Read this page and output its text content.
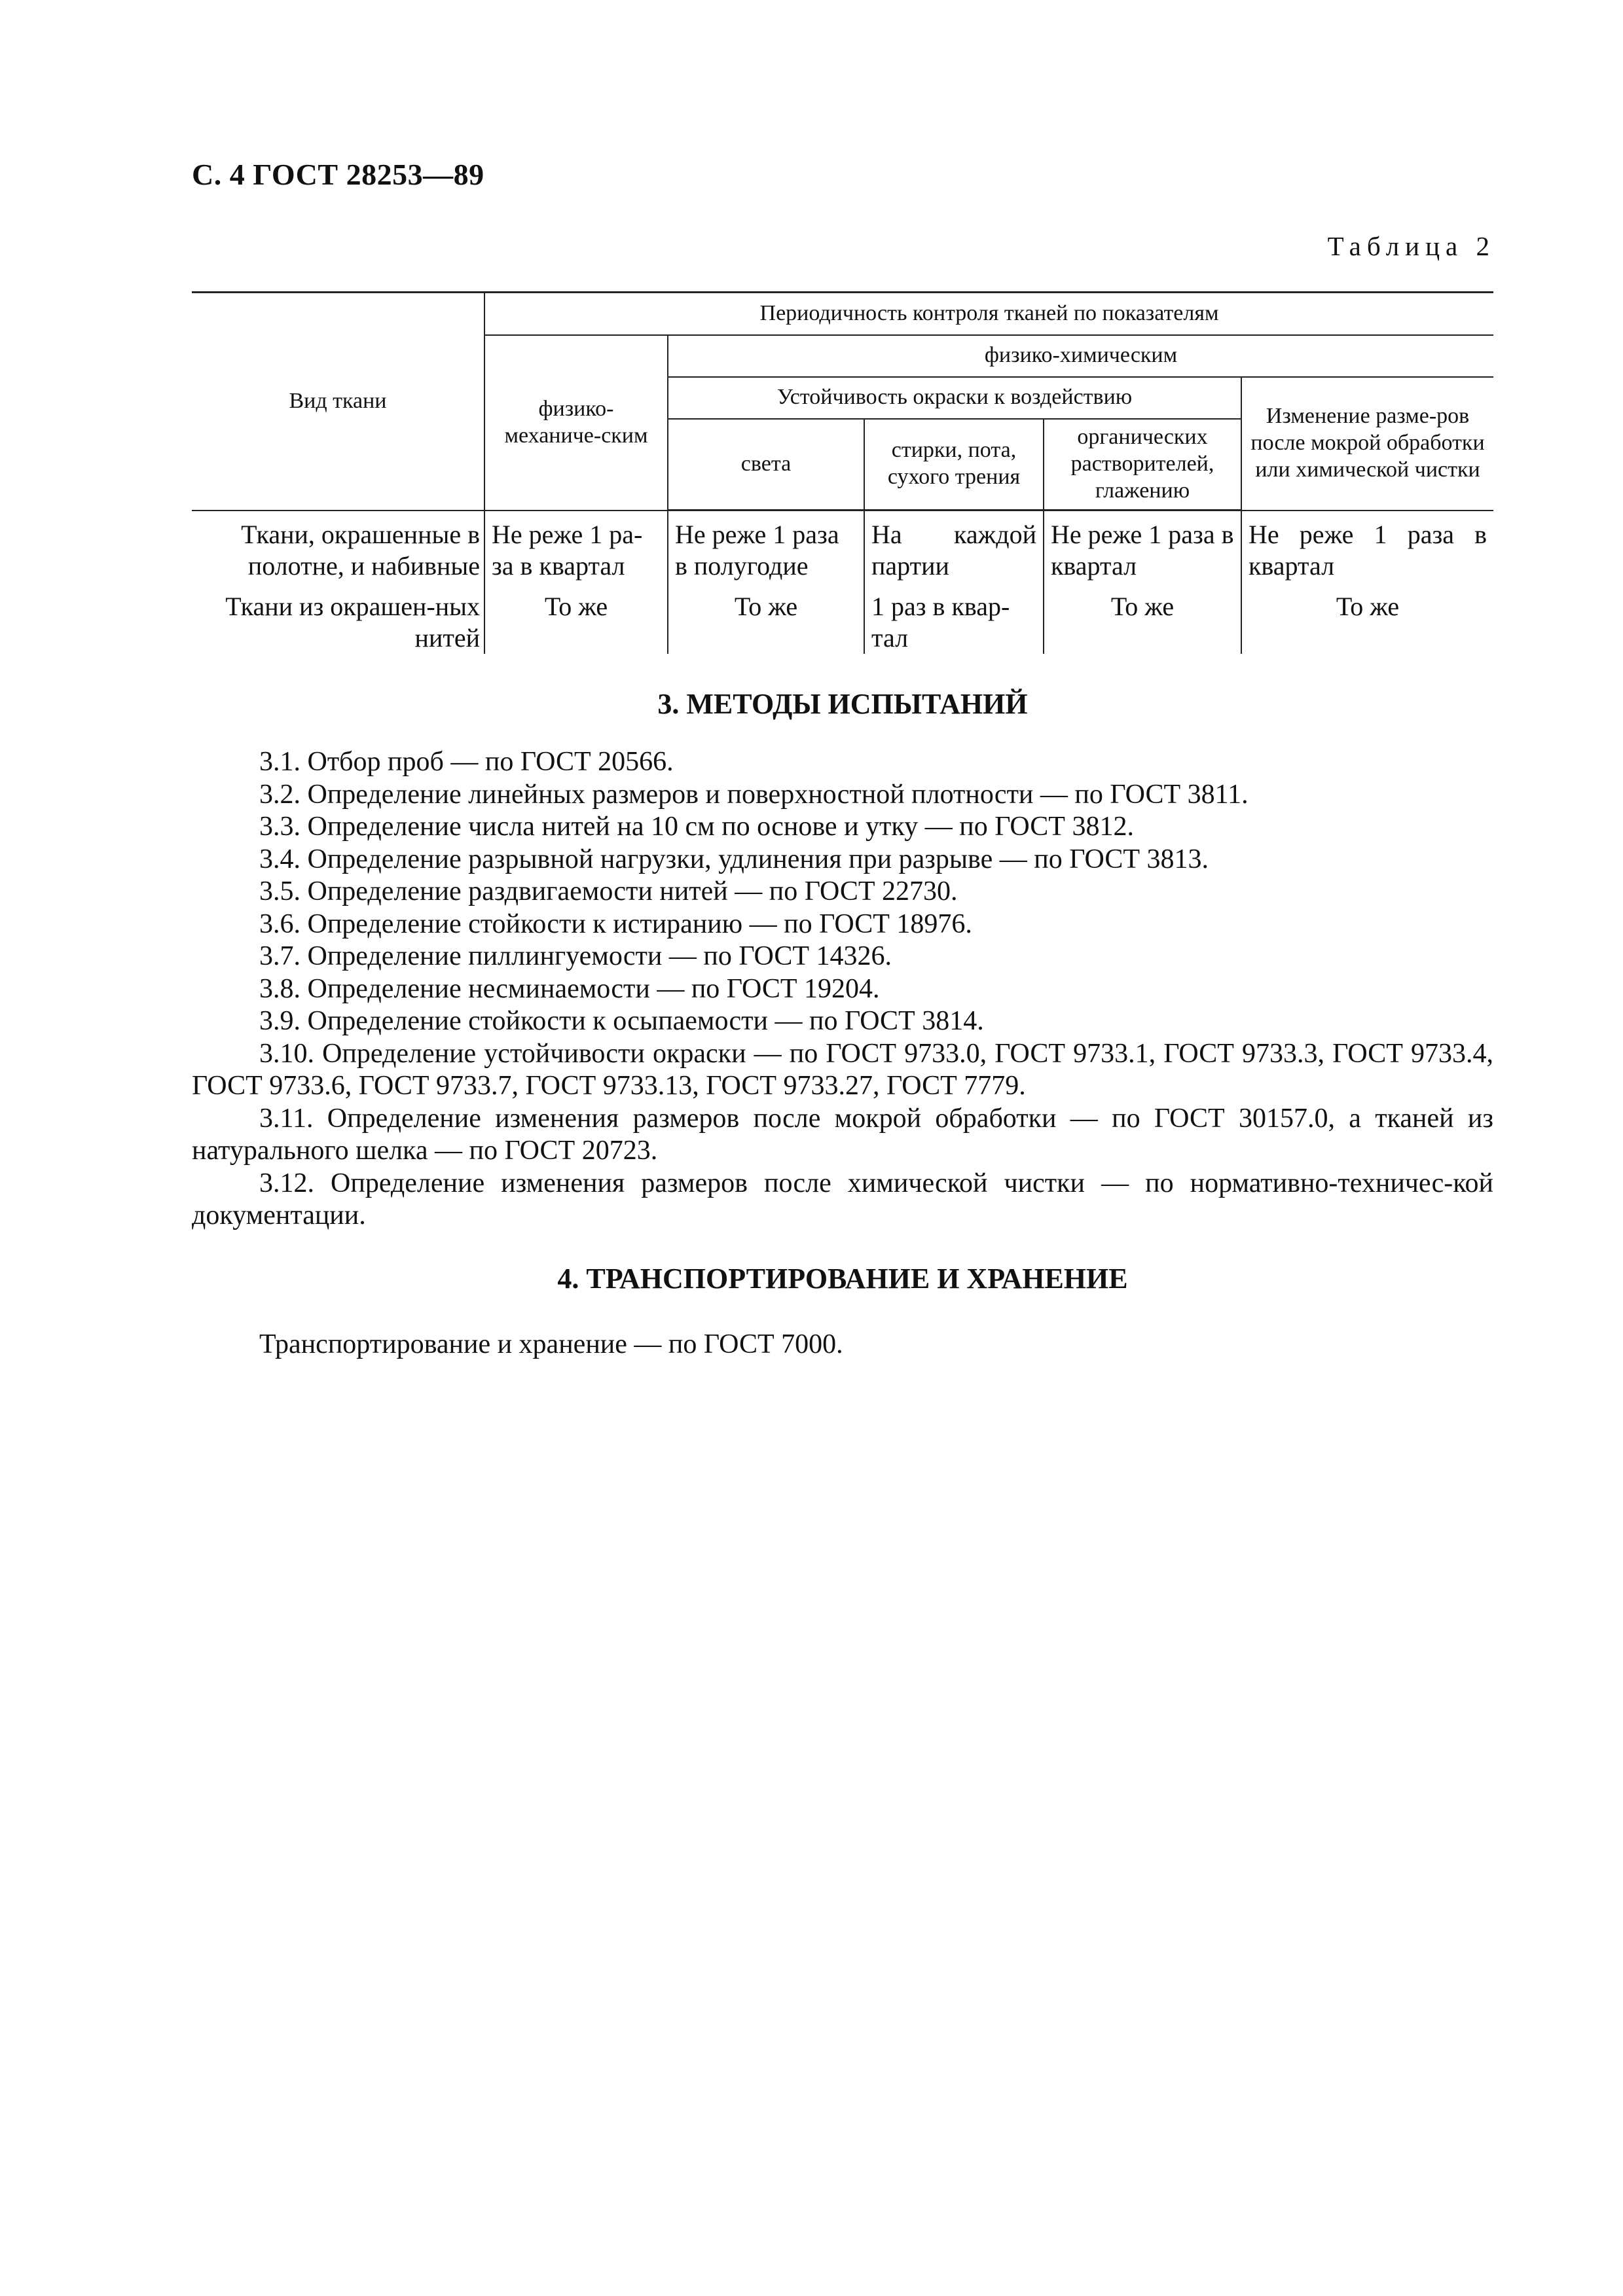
С. 4 ГОСТ 28253—89
Таблица 2
Вид ткани	Периодичность контроля тканей по показателям				
	физико-механиче-ским	физико-химическим			
		Устойчивость окраски к воздействию			Изменение разме-ров после мокрой обработки или химической чистки
		света	стирки, пота, сухого трения	органических растворителей, глажению	
Ткани, окрашенные в полотне, и набивные	Не реже 1 ра-за в квартал	Не реже 1 раза в полугодие	На каждой партии	Не реже 1 раза в квартал	Не реже 1 раза в квартал
Ткани из окрашен-ных нитей	То же	То же	1 раз в квар-тал	То же	То же
3. МЕТОДЫ ИСПЫТАНИЙ

3.1. Отбор проб — по ГОСТ 20566.

3.2. Определение линейных размеров и поверхностной плотности — по ГОСТ 3811.

3.3. Определение числа нитей на 10 см по основе и утку — по ГОСТ 3812.

3.4. Определение разрывной нагрузки, удлинения при разрыве — по ГОСТ 3813.

3.5. Определение раздвигаемости нитей — по ГОСТ 22730.

3.6. Определение стойкости к истиранию — по ГОСТ 18976.

3.7. Определение пиллингуемости — по ГОСТ 14326.

3.8. Определение несминаемости — по ГОСТ 19204.

3.9. Определение стойкости к осыпаемости — по ГОСТ 3814.

3.10. Определение устойчивости окраски — по ГОСТ 9733.0, ГОСТ 9733.1, ГОСТ 9733.3, ГОСТ 9733.4, ГОСТ 9733.6, ГОСТ 9733.7, ГОСТ 9733.13, ГОСТ 9733.27, ГОСТ 7779.

3.11. Определение изменения размеров после мокрой обработки — по ГОСТ 30157.0, а тканей из натурального шелка — по ГОСТ 20723.

3.12. Определение изменения размеров после химической чистки — по нормативно-техничес-кой документации.

4. ТРАНСПОРТИРОВАНИЕ И ХРАНЕНИЕ
Транспортирование и хранение — по ГОСТ 7000.
